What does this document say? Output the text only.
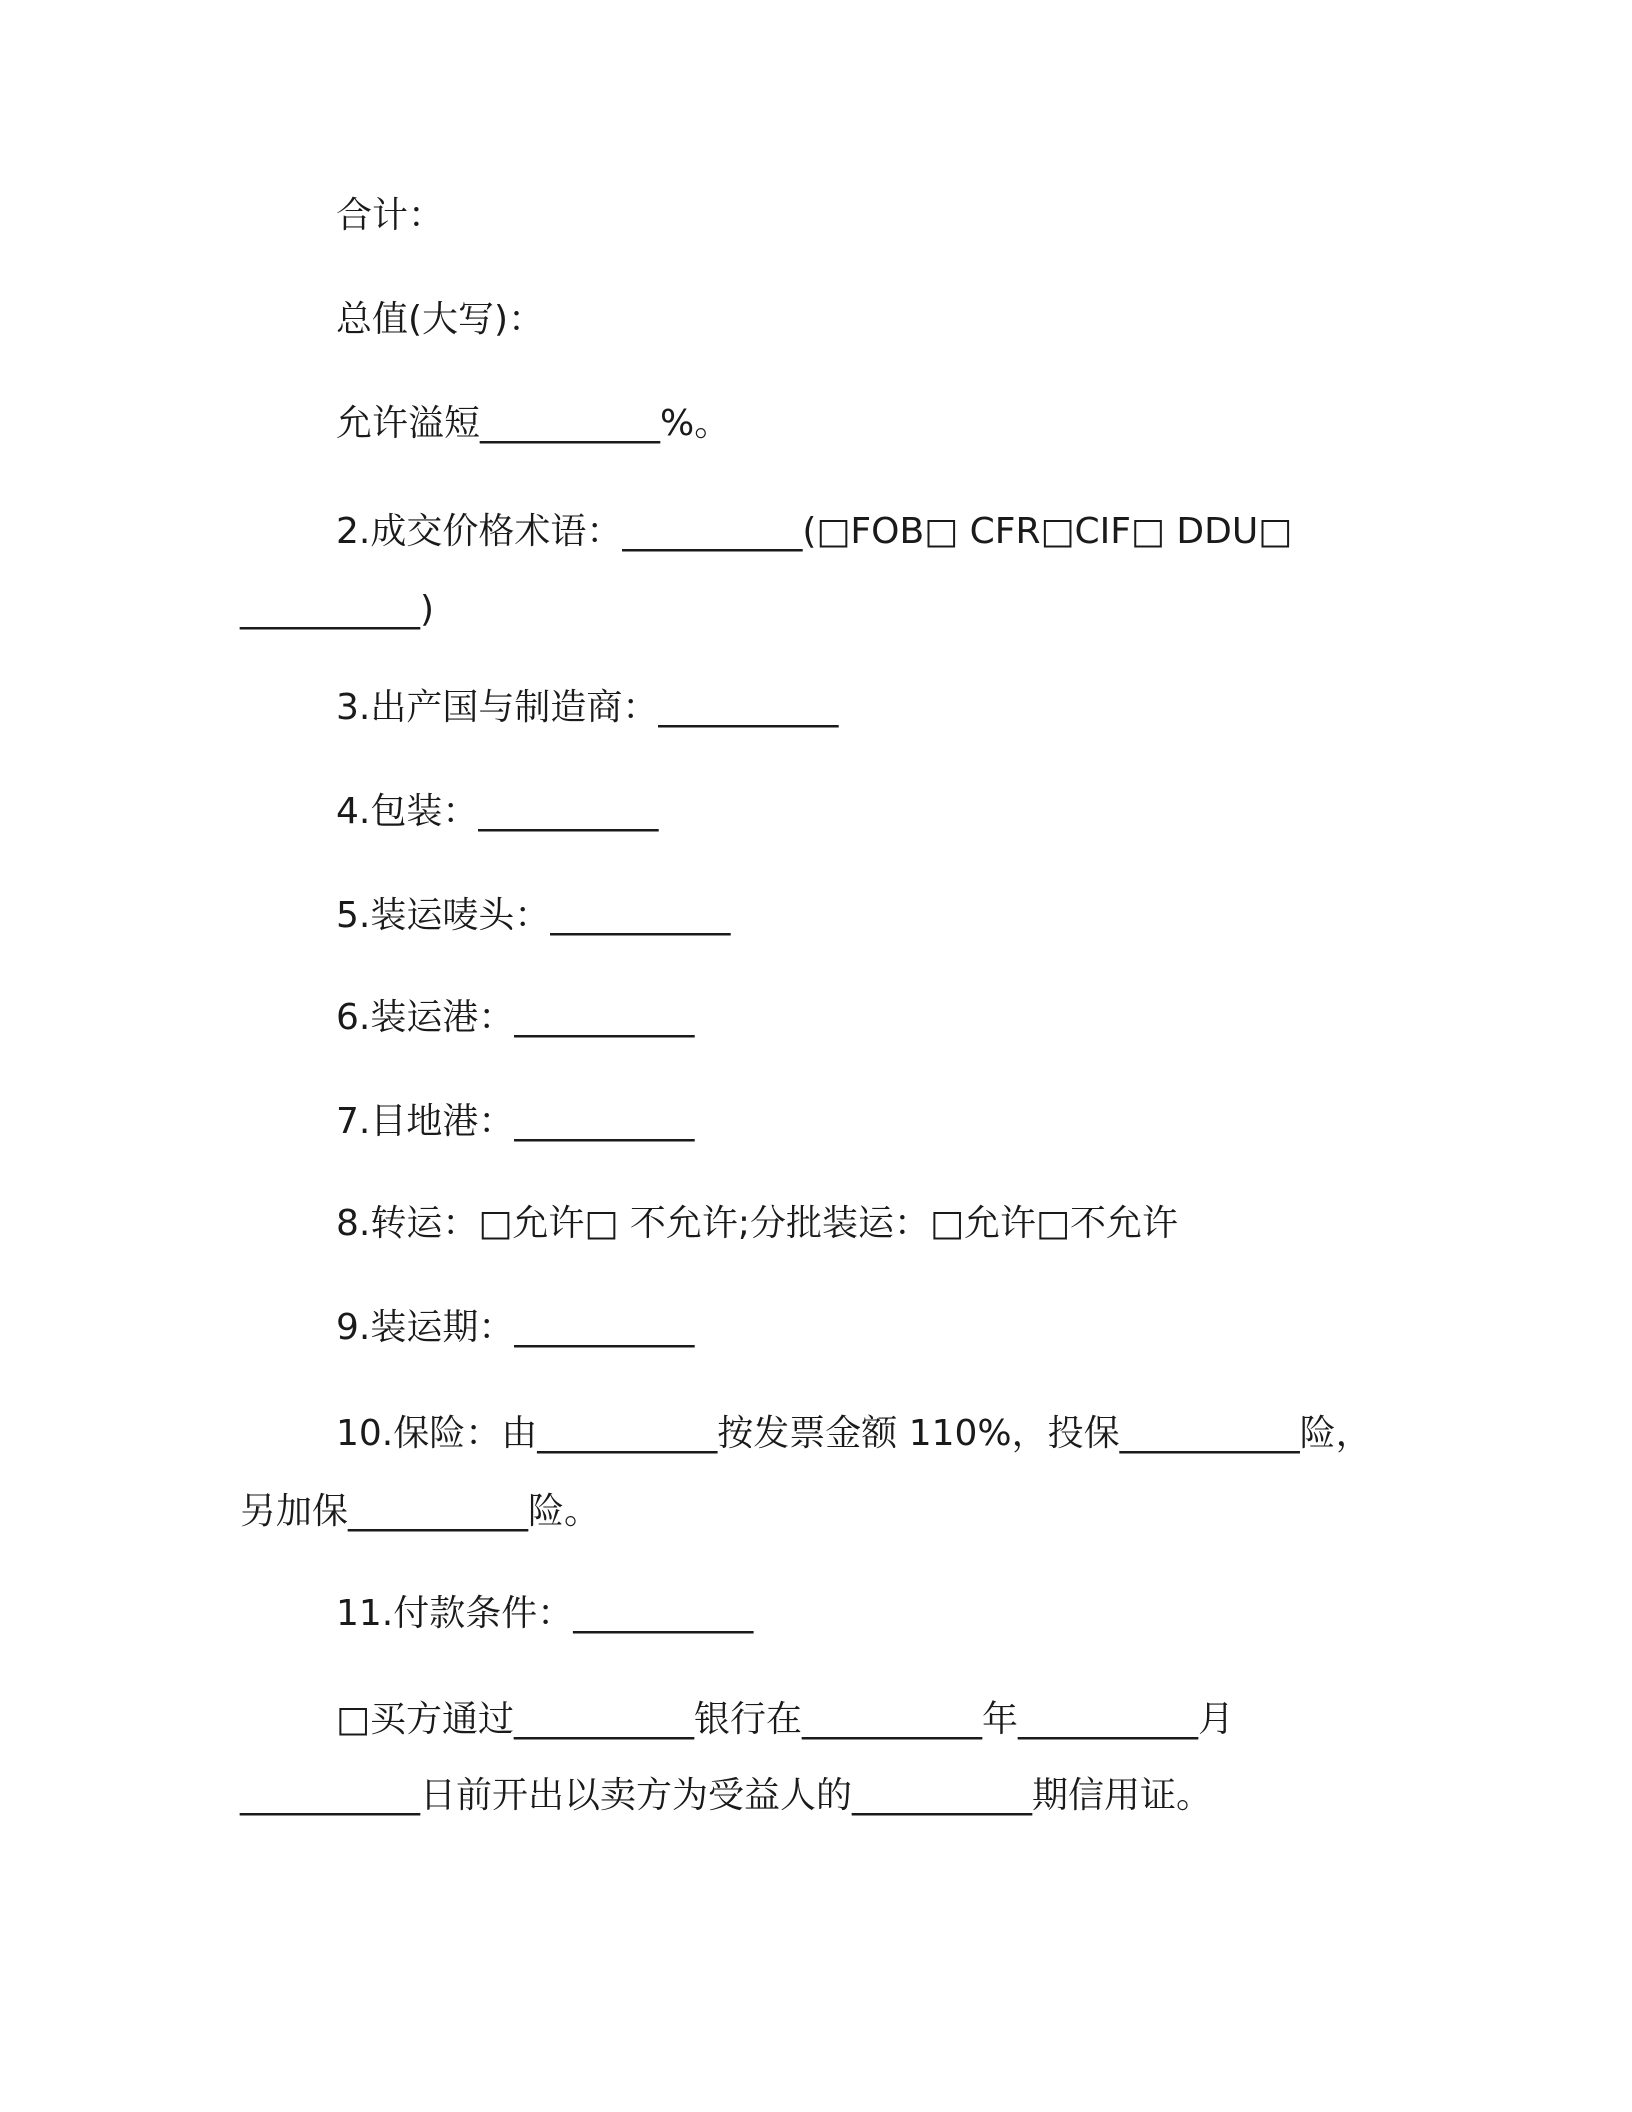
合计：
总值(大写)：
允许溢短__________%。
2.成交价格术语：__________(□FOB□ CFR□CIF□ DDU□
__________)
3.出产国与制造商：__________
4.包装：__________
5.装运唛头：__________
6.装运港：__________
7.目地港：__________
8.转运：□允许□ 不允许;分批装运：□允许□不允许
9.装运期：__________
10.保险：由__________按发票金额 110%，投保__________险，
另加保__________险。
11.付款条件：__________
□买方通过__________银行在__________年__________月
__________日前开出以卖方为受益人的__________期信用证。
